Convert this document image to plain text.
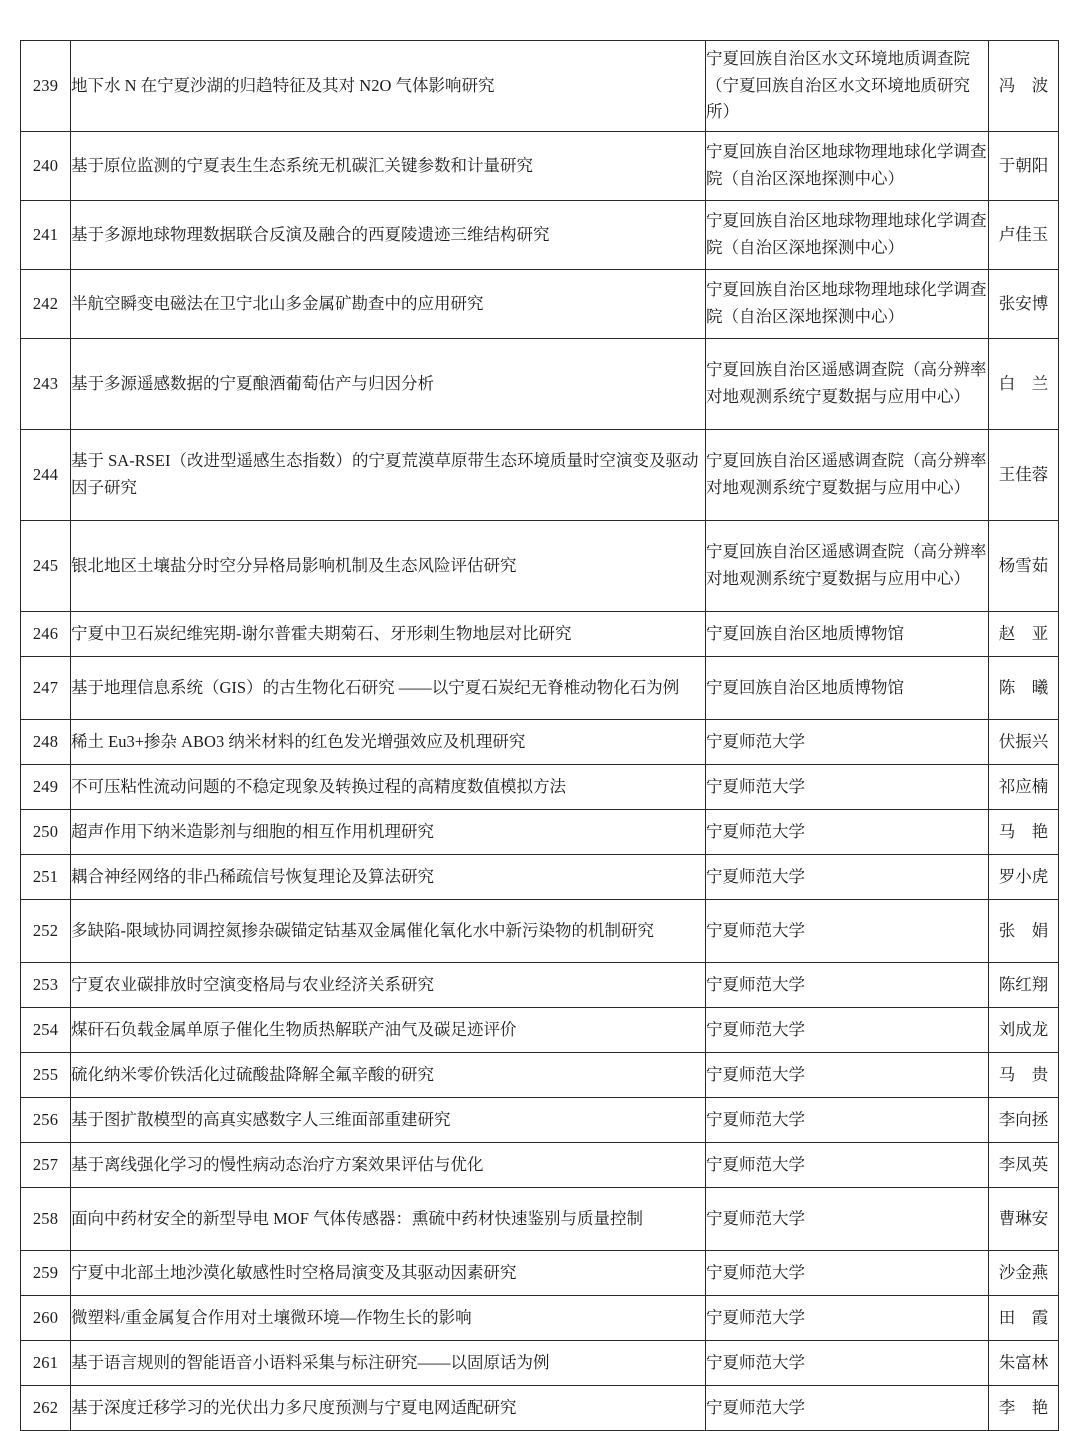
239	地下水 N 在宁夏沙湖的归趋特征及其对 N2O 气体影响研究	宁夏回族自治区水文环境地质调查院（宁夏回族自治区水文环境地质研究所）	冯　波
240	基于原位监测的宁夏表生生态系统无机碳汇关键参数和计量研究	宁夏回族自治区地球物理地球化学调查院（自治区深地探测中心）	于朝阳
241	基于多源地球物理数据联合反演及融合的西夏陵遗迹三维结构研究	宁夏回族自治区地球物理地球化学调查院（自治区深地探测中心）	卢佳玉
242	半航空瞬变电磁法在卫宁北山多金属矿勘查中的应用研究	宁夏回族自治区地球物理地球化学调查院（自治区深地探测中心）	张安博
243	基于多源遥感数据的宁夏酿酒葡萄估产与归因分析	宁夏回族自治区遥感调查院（高分辨率对地观测系统宁夏数据与应用中心）	白　兰
244	基于 SA-RSEI（改进型遥感生态指数）的宁夏荒漠草原带生态环境质量时空演变及驱动因子研究	宁夏回族自治区遥感调查院（高分辨率对地观测系统宁夏数据与应用中心）	王佳蓉
245	银北地区土壤盐分时空分异格局影响机制及生态风险评估研究	宁夏回族自治区遥感调查院（高分辨率对地观测系统宁夏数据与应用中心）	杨雪茹
246	宁夏中卫石炭纪维宪期-谢尔普霍夫期菊石、牙形刺生物地层对比研究	宁夏回族自治区地质博物馆	赵　亚
247	基于地理信息系统（GIS）的古生物化石研究 ——以宁夏石炭纪无脊椎动物化石为例	宁夏回族自治区地质博物馆	陈　曦
248	稀土 Eu3+掺杂 ABO3 纳米材料的红色发光增强效应及机理研究	宁夏师范大学	伏振兴
249	不可压粘性流动问题的不稳定现象及转换过程的高精度数值模拟方法	宁夏师范大学	祁应楠
250	超声作用下纳米造影剂与细胞的相互作用机理研究	宁夏师范大学	马　艳
251	耦合神经网络的非凸稀疏信号恢复理论及算法研究	宁夏师范大学	罗小虎
252	多缺陷-限域协同调控氮掺杂碳锚定钴基双金属催化氧化水中新污染物的机制研究	宁夏师范大学	张　娟
253	宁夏农业碳排放时空演变格局与农业经济关系研究	宁夏师范大学	陈红翔
254	煤矸石负载金属单原子催化生物质热解联产油气及碳足迹评价	宁夏师范大学	刘成龙
255	硫化纳米零价铁活化过硫酸盐降解全氟辛酸的研究	宁夏师范大学	马　贵
256	基于图扩散模型的高真实感数字人三维面部重建研究	宁夏师范大学	李向拯
257	基于离线强化学习的慢性病动态治疗方案效果评估与优化	宁夏师范大学	李凤英
258	面向中药材安全的新型导电 MOF 气体传感器：熏硫中药材快速鉴别与质量控制	宁夏师范大学	曹琳安
259	宁夏中北部土地沙漠化敏感性时空格局演变及其驱动因素研究	宁夏师范大学	沙金燕
260	微塑料/重金属复合作用对土壤微环境—作物生长的影响	宁夏师范大学	田　霞
261	基于语言规则的智能语音小语料采集与标注研究——以固原话为例	宁夏师范大学	朱富林
262	基于深度迁移学习的光伏出力多尺度预测与宁夏电网适配研究	宁夏师范大学	李　艳
